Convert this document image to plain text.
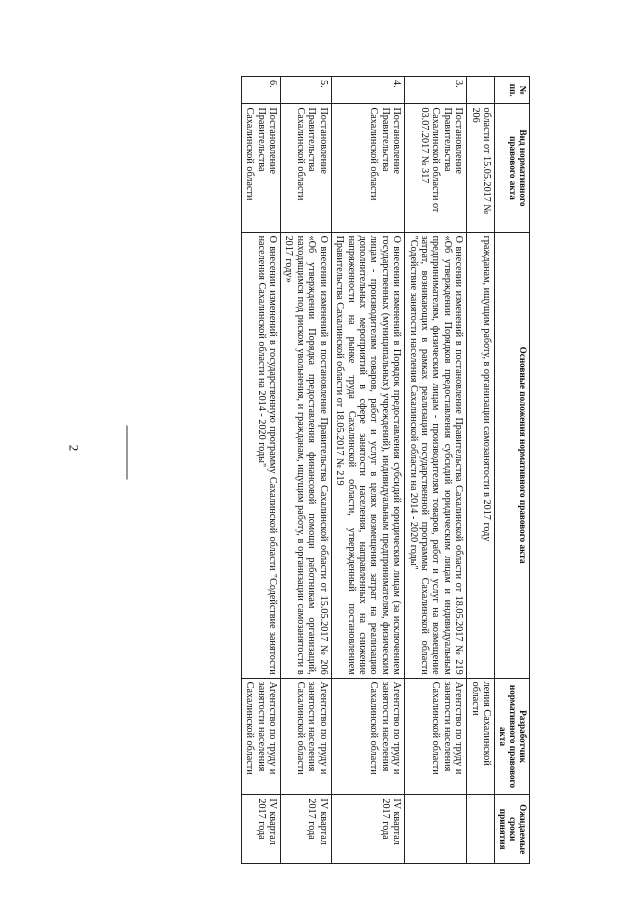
2
№ пп.	Вид нормативного правового акта	Основные положения нормативного правового акта	Разработчик нормативного правового акта	Ожидаемые сроки принятия
	области от 15.05.2017 № 206	гражданам, ищущим работу, в организации самозанятости в 2017 году	ления Сахалинской области	
3.	Постановление Правительства Сахалинской области от 03.07.2017 № 317	О внесении изменений в постановление Правительства Сахалинской области от 18.05.2017 № 219 «Об утверждении Порядков предоставления субсидий юридическим лицам и индивидуальным предпринимателям, физическим лицам - производителям товаров, работ и услуг на возмещение затрат, возникающих в рамках реализации государственной программы Сахалинской области "Содействие занятости населения Сахалинской области на 2014 - 2020 годы"	Агентство по труду и занятости населения Сахалинской области	
4.	Постановление Правительства Сахалинской области	О внесении изменений в Порядок предоставления субсидий юридическим лицам (за исключением государственных (муниципальных) учреждений), индивидуальным предпринимателям, физическим лицам - производителям товаров, работ и услуг в целях возмещения затрат на реализацию дополнительных мероприятий в сфере занятости населения, направленных на снижение напряженности на рынке труда Сахалинской области, утвержденный постановлением Правительства Сахалинской области от 18.05.2017 № 219	Агентство по труду и занятости населения Сахалинской области	IV квартал 2017 года
5.	Постановление Правительства Сахалинской области	О внесении изменений в постановление Правительства Сахалинской области от 15.05.2017 № 206 «Об утверждении Порядка предоставления финансовой помощи работникам организаций, находящимся под риском увольнения, и гражданам, ищущим работу, в организации самозанятости в 2017 году»	Агентство по труду и занятости населения Сахалинской области	IV квартал 2017 года
6.	Постановление Правительства Сахалинской области	О внесении изменений в государственную программу Сахалинской области "Содействие занятости населения Сахалинской области на 2014 - 2020 годы"	Агентство по труду и занятости населения Сахалинской области	IV квартал 2017 года
